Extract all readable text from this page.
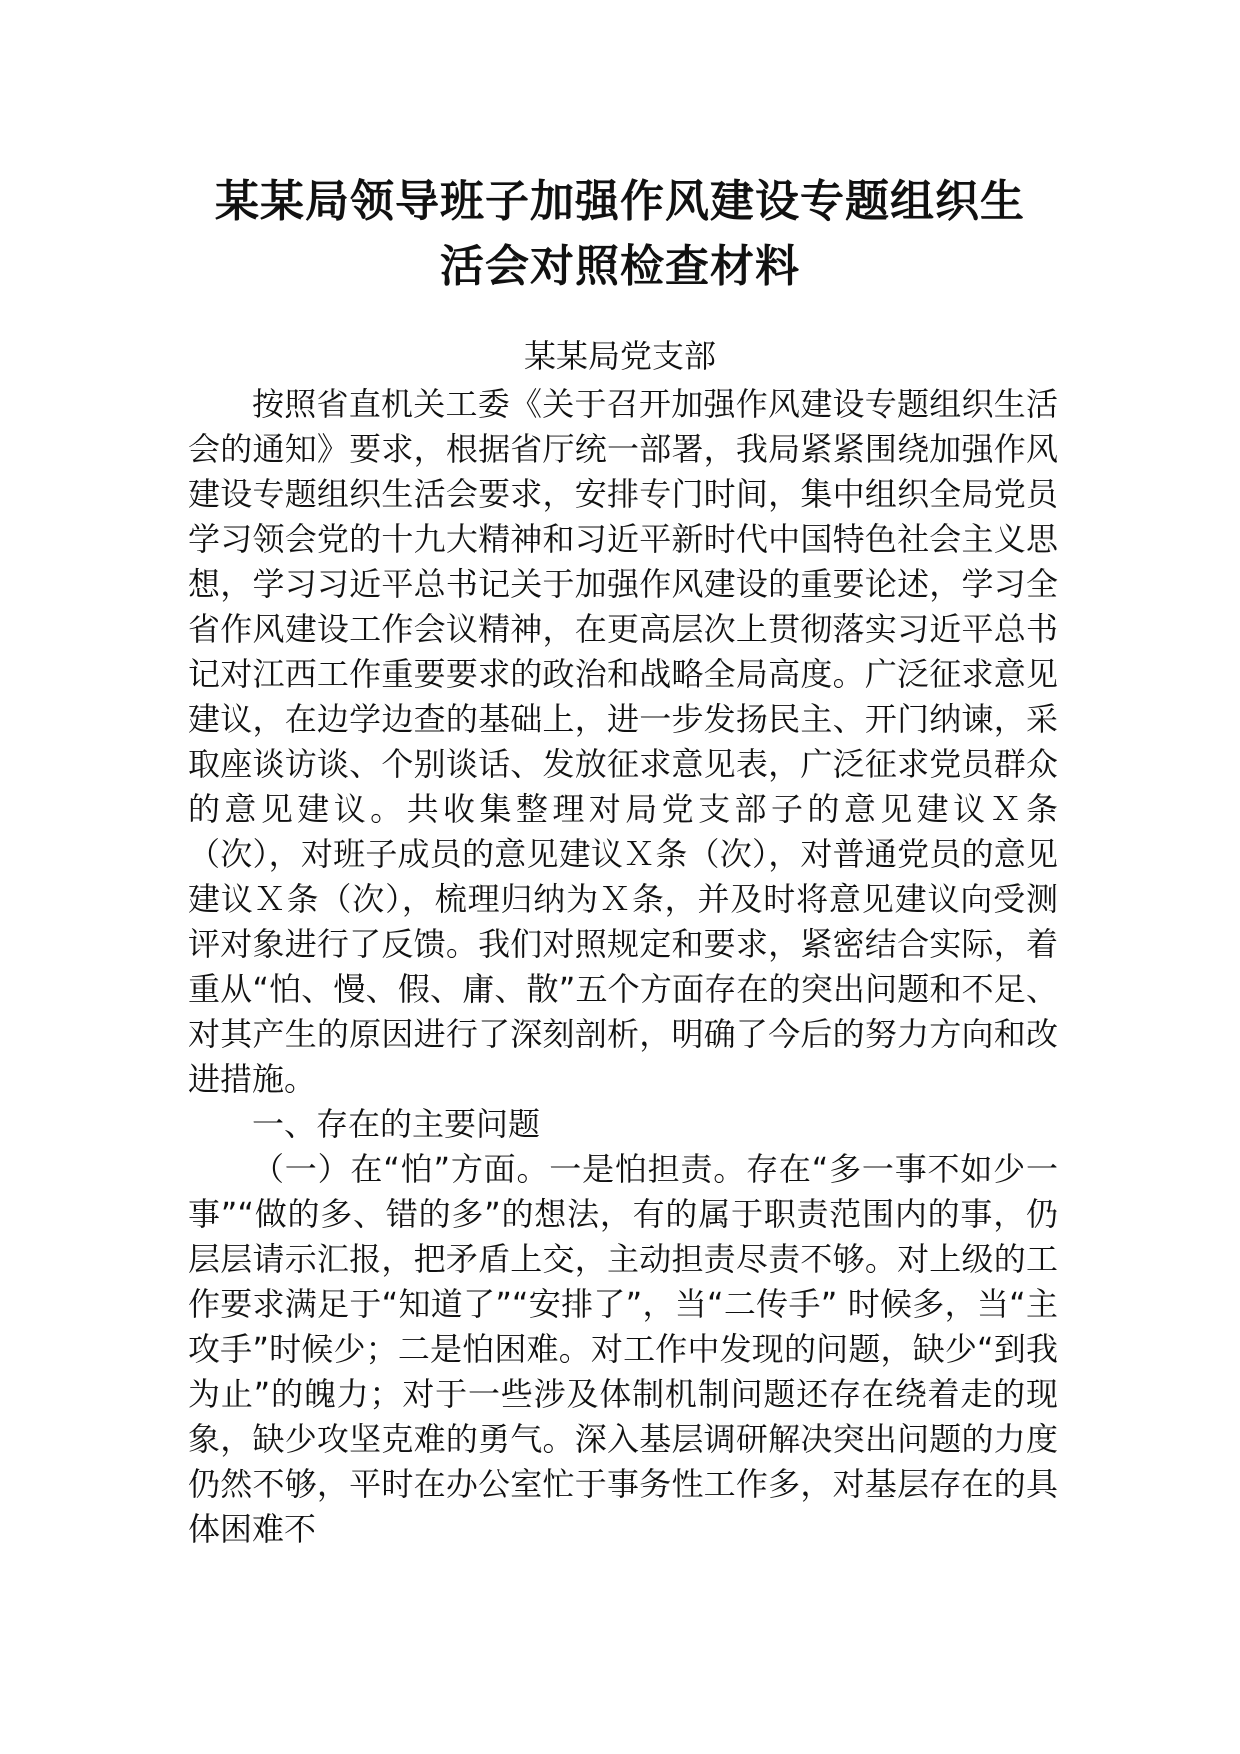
某某局领导班子加强作风建设专题组织生
活会对照检查材料

某某局党支部

按照省直机关工委《关于召开加强作风建设专题组织生活会的通知》要求，根据省厅统一部署，我局紧紧围绕加强作风建设专题组织生活会要求，安排专门时间，集中组织全局党员学习领会党的十九大精神和习近平新时代中国特色社会主义思想，学习习近平总书记关于加强作风建设的重要论述，学习全省作风建设工作会议精神，在更高层次上贯彻落实习近平总书记对江西工作重要要求的政治和战略全局高度。广泛征求意见建议，在边学边查的基础上，进一步发扬民主、开门纳谏，采取座谈访谈、个别谈话、发放征求意见表，广泛征求党员群众的意见建议。共收集整理对局党支部子的意见建议Ｘ条（次），对班子成员的意见建议Ｘ条（次），对普通党员的意见建议Ｘ条（次），梳理归纳为Ｘ条，并及时将意见建议向受测评对象进行了反馈。我们对照规定和要求，紧密结合实际，着重从“怕、慢、假、庸、散”五个方面存在的突出问题和不足、对其产生的原因进行了深刻剖析，明确了今后的努力方向和改进措施。

一、存在的主要问题

（一）在“怕”方面。一是怕担责。存在“多一事不如少一事”“做的多、错的多”的想法，有的属于职责范围内的事，仍层层请示汇报，把矛盾上交，主动担责尽责不够。对上级的工作要求满足于“知道了”“安排了”，当“二传手” 时候多，当“主攻手”时候少；二是怕困难。对工作中发现的问题，缺少“到我为止”的魄力；对于一些涉及体制机制问题还存在绕着走的现象，缺少攻坚克难的勇气。深入基层调研解决突出问题的力度仍然不够，平时在办公室忙于事务性工作多，对基层存在的具体困难不
